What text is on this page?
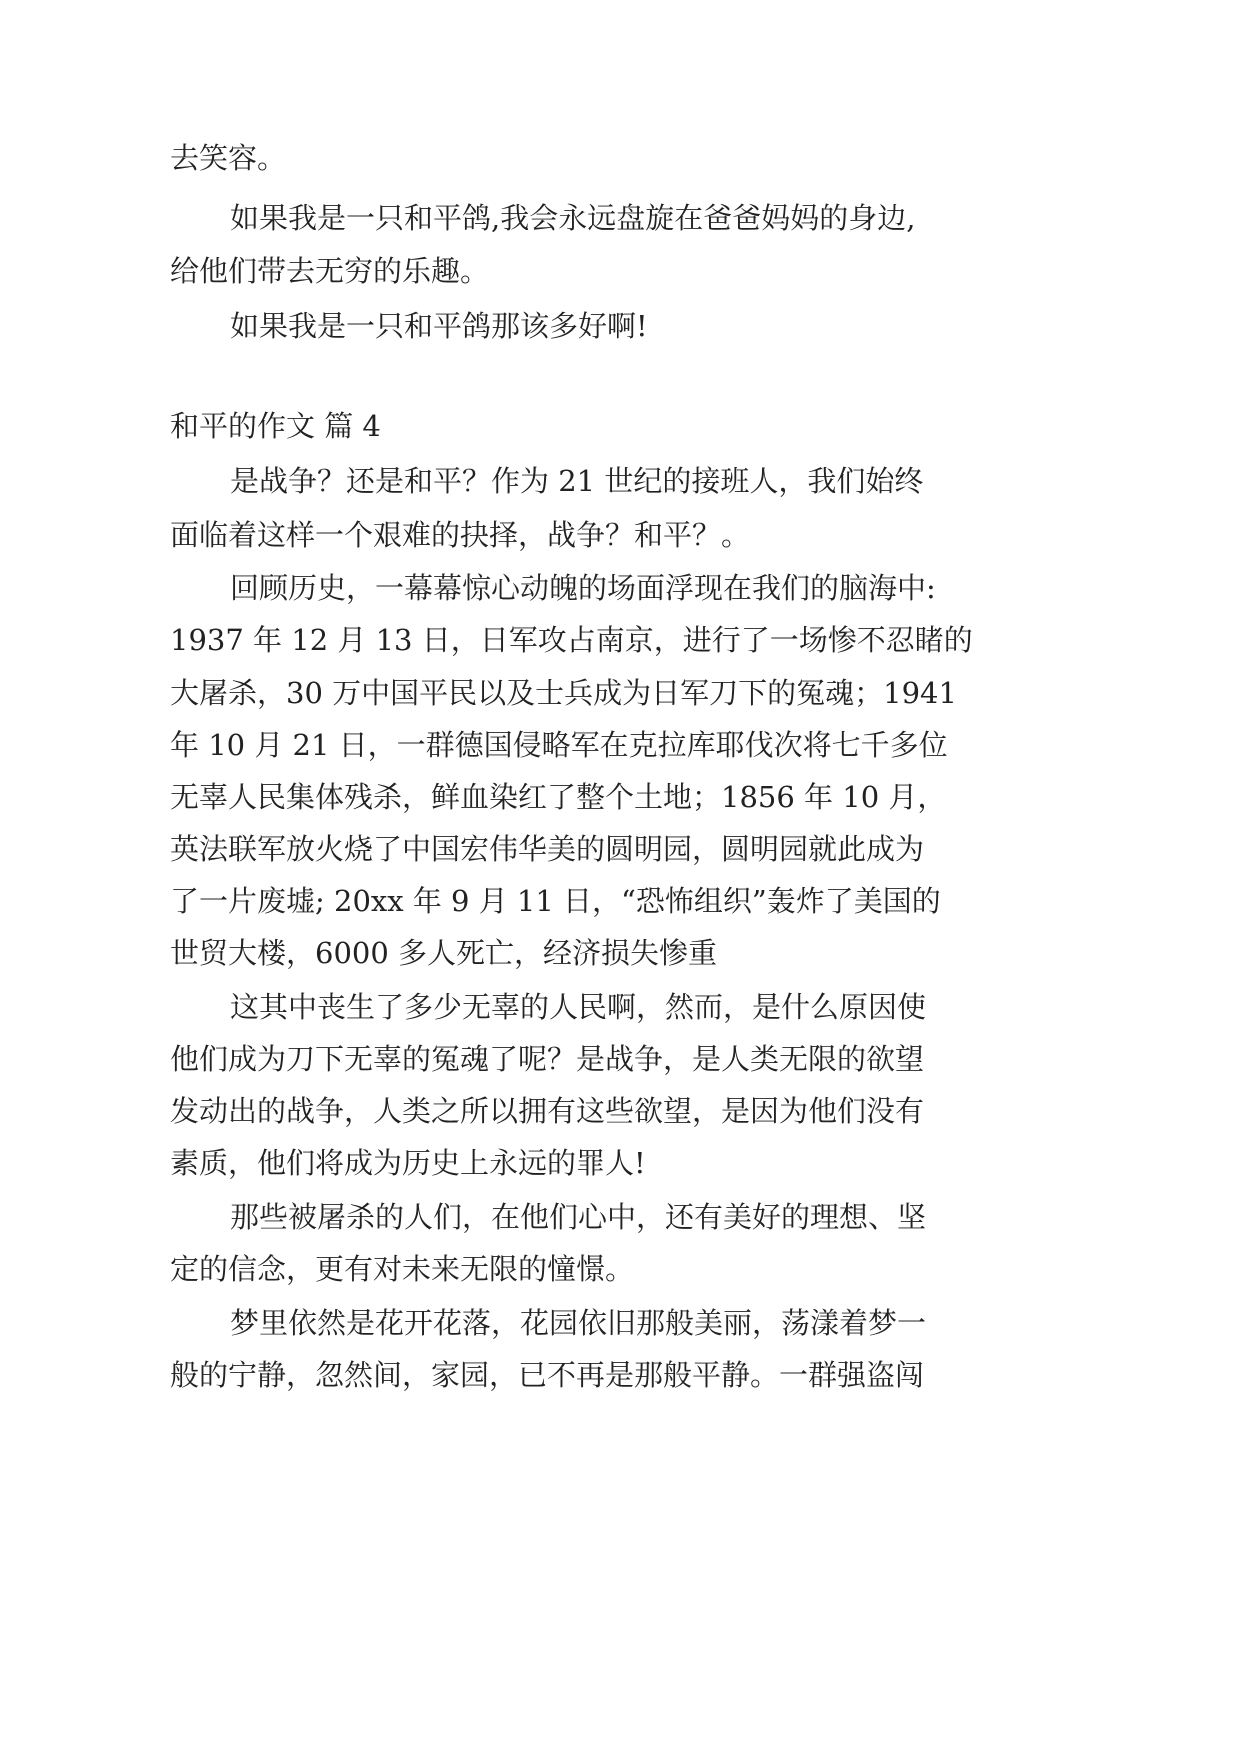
去笑容。
如果我是一只和平鸽,我会永远盘旋在爸爸妈妈的身边,
给他们带去无穷的乐趣。
如果我是一只和平鸽那该多好啊!
和平的作文 篇 4
是战争？还是和平？作为 21 世纪的接班人，我们始终
面临着这样一个艰难的抉择，战争？和平？。
回顾历史，一幕幕惊心动魄的场面浮现在我们的脑海中:
1937 年 12 月 13 日，日军攻占南京，进行了一场惨不忍睹的
大屠杀，30 万中国平民以及士兵成为日军刀下的冤魂；1941
年 10 月 21 日，一群德国侵略军在克拉库耶伐次将七千多位
无辜人民集体残杀，鲜血染红了整个土地；1856 年 10 月，
英法联军放火烧了中国宏伟华美的圆明园，圆明园就此成为
了一片废墟; 20xx 年 9 月 11 日，“恐怖组织”轰炸了美国的
世贸大楼，6000 多人死亡，经济损失惨重
这其中丧生了多少无辜的人民啊，然而，是什么原因使
他们成为刀下无辜的冤魂了呢？是战争，是人类无限的欲望
发动出的战争，人类之所以拥有这些欲望，是因为他们没有
素质，他们将成为历史上永远的罪人!
那些被屠杀的人们，在他们心中，还有美好的理想、坚
定的信念，更有对未来无限的憧憬。
梦里依然是花开花落，花园依旧那般美丽，荡漾着梦一
般的宁静，忽然间，家园，已不再是那般平静。一群强盗闯
